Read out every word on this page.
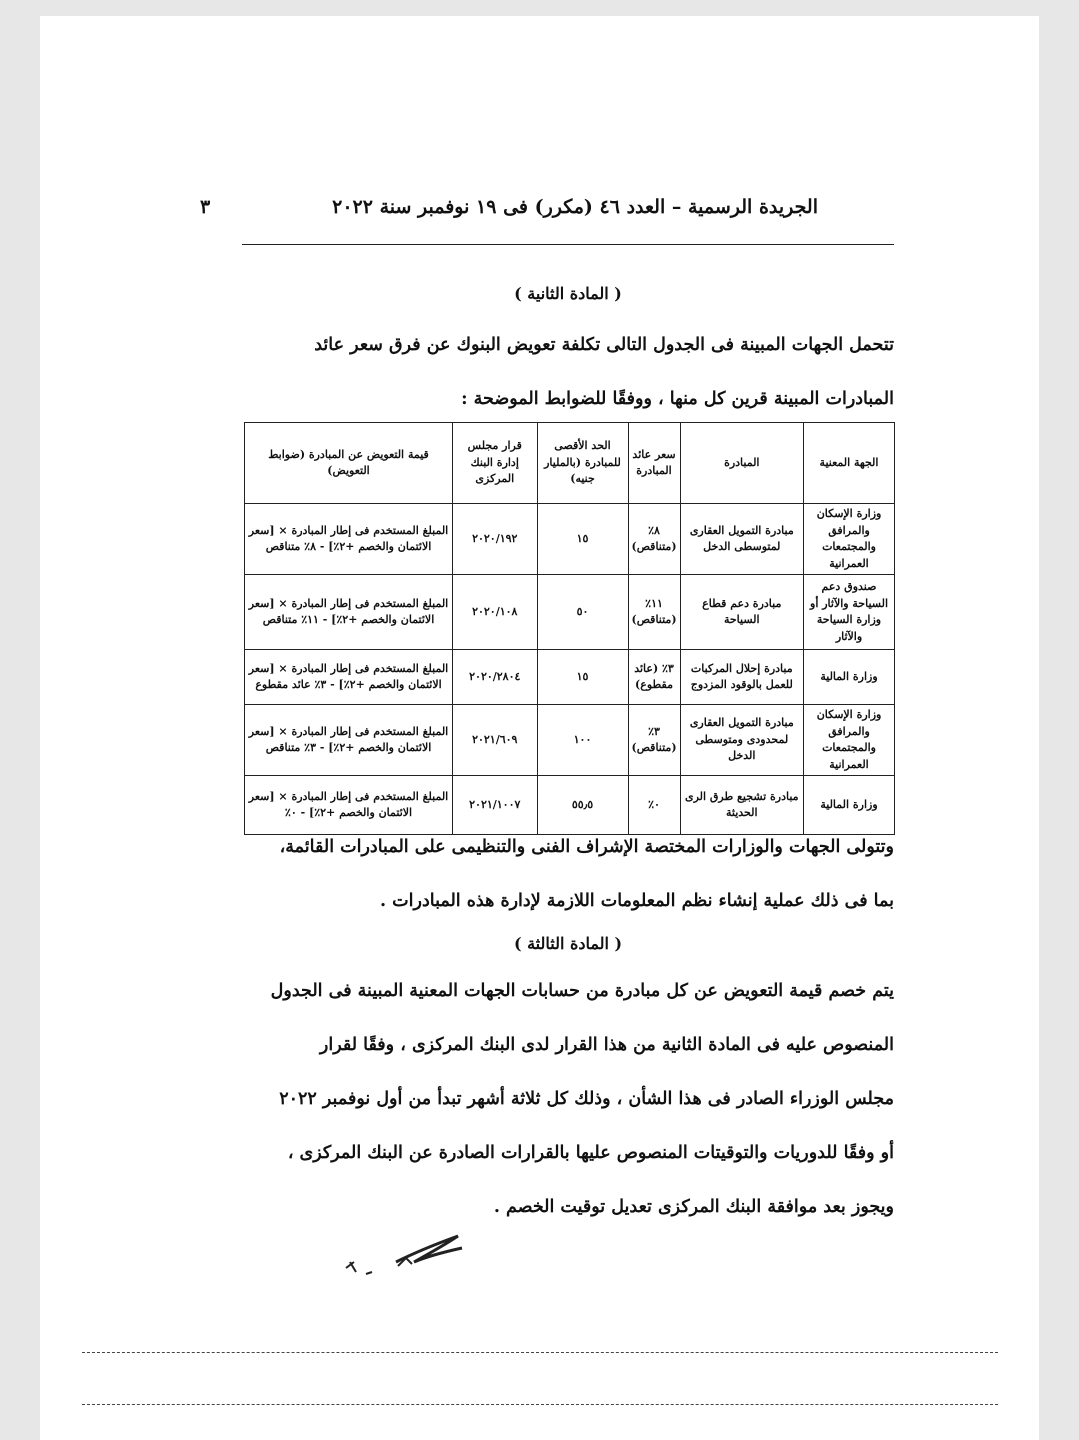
الجريدة الرسمية – العدد ٤٦ (مكرر) فى ١٩ نوفمبر سنة ٢٠٢٢
٣
( المادة الثانية )

تتحمل الجهات المبينة فى الجدول التالى تكلفة تعويض البنوك عن فرق سعر عائد

المبادرات المبينة قرين كل منها ، ووفقًا للضوابط الموضحة :

الجهة المعنية	المبادرة	سعر عائد المبادرة	الحد الأقصى للمبادرة (بالمليار جنيه)	قرار مجلس إدارة البنك المركزى	قيمة التعويض عن المبادرة (ضوابط التعويض)
وزارة الإسكان والمرافق والمجتمعات العمرانية	مبادرة التمويل العقارى لمتوسطى الدخل	٨٪ (متناقص)	١٥	٢٠٢٠/١٩٢	المبلغ المستخدم فى إطار المبادرة × [سعر الائتمان والخصم +٢٪] - ٨٪ متناقص
صندوق دعم السياحة والآثار أو وزارة السياحة والآثار	مبادرة دعم قطاع السياحة	١١٪ (متناقص)	٥٠	٢٠٢٠/١٠٨	المبلغ المستخدم فى إطار المبادرة × [سعر الائتمان والخصم +٢٪] - ١١٪ متناقص
وزارة المالية	مبادرة إحلال المركبات للعمل بالوقود المزدوج	٣٪ (عائد مقطوع)	١٥	٢٠٢٠/٢٨٠٤	المبلغ المستخدم فى إطار المبادرة × [سعر الائتمان والخصم +٢٪] - ٣٪ عائد مقطوع
وزارة الإسكان والمرافق والمجتمعات العمرانية	مبادرة التمويل العقارى لمحدودى ومتوسطى الدخل	٣٪ (متناقص)	١٠٠	٢٠٢١/٦٠٩	المبلغ المستخدم فى إطار المبادرة × [سعر الائتمان والخصم +٢٪] - ٣٪ متناقص
وزارة المالية	مبادرة تشجيع طرق الرى الحديثة	٠٪	٥٥٫٥	٢٠٢١/١٠٠٧	المبلغ المستخدم فى إطار المبادرة × [سعر الائتمان والخصم +٢٪] - ٠٪

وتتولى الجهات والوزارات المختصة الإشراف الفنى والتنظيمى على المبادرات القائمة،

بما فى ذلك عملية إنشاء نظم المعلومات اللازمة لإدارة هذه المبادرات .

( المادة الثالثة )

يتم خصم قيمة التعويض عن كل مبادرة من حسابات الجهات المعنية المبينة فى الجدول

المنصوص عليه فى المادة الثانية من هذا القرار لدى البنك المركزى ، وفقًا لقرار

مجلس الوزراء الصادر فى هذا الشأن ، وذلك كل ثلاثة أشهر تبدأ من أول نوفمبر ٢٠٢٢

أو وفقًا للدوريات والتوقيتات المنصوص عليها بالقرارات الصادرة عن البنك المركزى ،

ويجوز بعد موافقة البنك المركزى تعديل توقيت الخصم .
